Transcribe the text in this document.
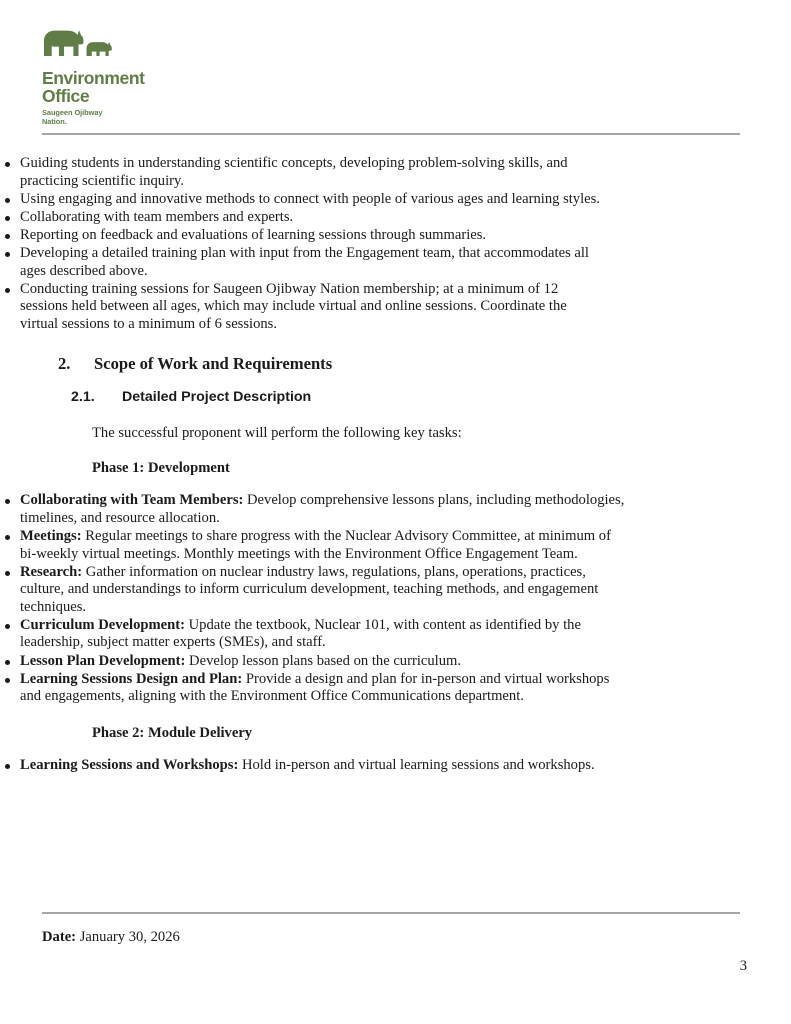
Environment
Office
Saugeen Ojibway
Nation.
Guiding students in understanding scientific concepts, developing problem-solving skills, and practicing scientific inquiry.
Using engaging and innovative methods to connect with people of various ages and learning styles.
Collaborating with team members and experts.
Reporting on feedback and evaluations of learning sessions through summaries.
Developing a detailed training plan with input from the Engagement team, that accommodates all ages described above.
Conducting training sessions for Saugeen Ojibway Nation membership; at a minimum of 12 sessions held between all ages, which may include virtual and online sessions. Coordinate the virtual sessions to a minimum of 6 sessions.
2. Scope of Work and Requirements
2.1. Detailed Project Description

The successful proponent will perform the following key tasks:

Phase 1: Development

Collaborating with Team Members: Develop comprehensive lessons plans, including methodologies, timelines, and resource allocation.
Meetings: Regular meetings to share progress with the Nuclear Advisory Committee, at minimum of bi-weekly virtual meetings. Monthly meetings with the Environment Office Engagement Team.
Research: Gather information on nuclear industry laws, regulations, plans, operations, practices, culture, and understandings to inform curriculum development, teaching methods, and engagement techniques.
Curriculum Development: Update the textbook, Nuclear 101, with content as identified by the leadership, subject matter experts (SMEs), and staff.
Lesson Plan Development: Develop lesson plans based on the curriculum.
Learning Sessions Design and Plan: Provide a design and plan for in-person and virtual workshops and engagements, aligning with the Environment Office Communications department.

Phase 2: Module Delivery

Learning Sessions and Workshops: Hold in-person and virtual learning sessions and workshops.
Date: January 30, 2026
3
